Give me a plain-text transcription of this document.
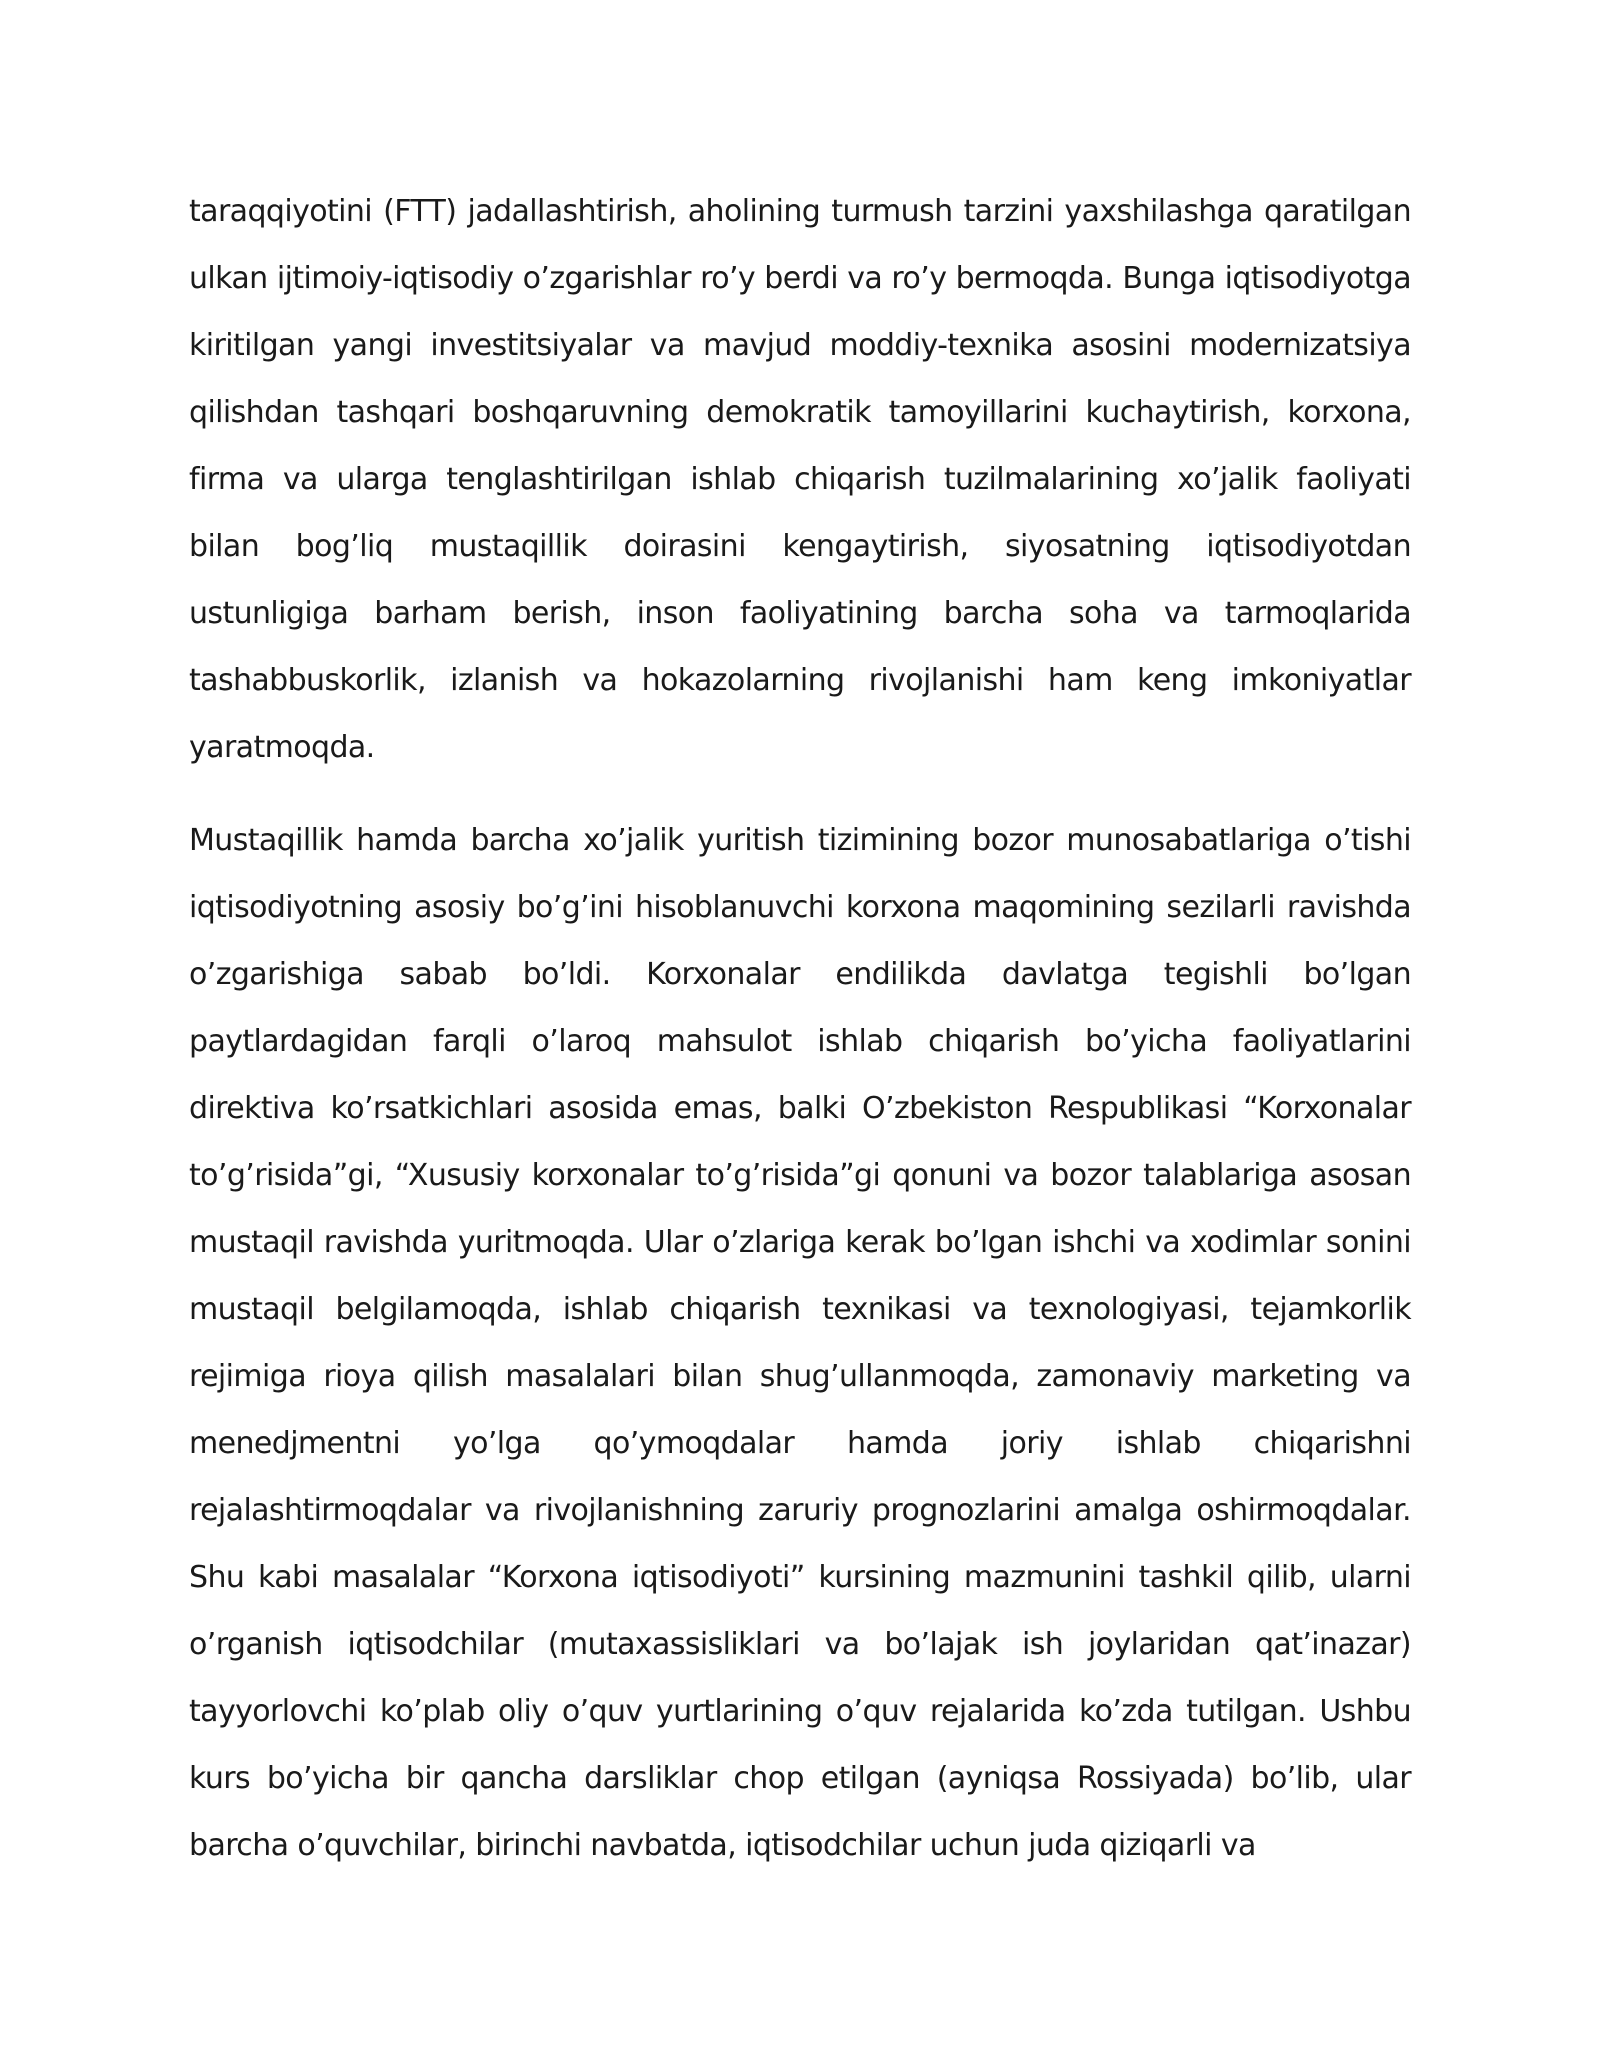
taraqqiyotini (FTT) jadallashtirish, aholining turmush tarzini yaxshilashga qaratilgan ulkan ijtimoiy-iqtisodiy o’zgarishlar ro’y berdi va ro’y bermoqda. Bunga iqtisodiyotga kiritilgan yangi investitsiyalar va mavjud moddiy-texnika asosini modernizatsiya qilishdan tashqari boshqaruvning demokratik tamoyillarini kuchaytirish, korxona, firma va ularga tenglashtirilgan ishlab chiqarish tuzilmalarining xo’jalik faoliyati bilan bog’liq mustaqillik doirasini kengaytirish, siyosatning iqtisodiyotdan ustunligiga barham berish, inson faoliyatining barcha soha va tarmoqlarida tashabbuskorlik, izlanish va hokazolarning rivojlanishi ham keng imkoniyatlar yaratmoqda.

Mustaqillik hamda barcha xo’jalik yuritish tizimining bozor munosabatlariga o’tishi iqtisodiyotning asosiy bo’g’ini hisoblanuvchi korxona maqomining sezilarli ravishda o’zgarishiga sabab bo’ldi. Korxonalar endilikda davlatga tegishli bo’lgan paytlardagidan farqli o’laroq mahsulot ishlab chiqarish bo’yicha faoliyatlarini direktiva ko’rsatkichlari asosida emas, balki O’zbekiston Respublikasi “Korxonalar to’g’risida”gi, “Xususiy korxonalar to’g’risida”gi qonuni va bozor talablariga asosan mustaqil ravishda yuritmoqda. Ular o’zlariga kerak bo’lgan ishchi va xodimlar sonini mustaqil belgilamoqda, ishlab chiqarish texnikasi va texnologiyasi, tejamkorlik rejimiga rioya qilish masalalari bilan shug’ullanmoqda, zamonaviy marketing va menedjmentni yo’lga qo’ymoqdalar hamda joriy ishlab chiqarishni rejalashtirmoqdalar va rivojlanishning zaruriy prognozlarini amalga oshirmoqdalar. Shu kabi masalalar “Korxona iqtisodiyoti” kursining mazmunini tashkil qilib, ularni o’rganish iqtisodchilar (mutaxassisliklari va bo’lajak ish joylaridan qat’inazar) tayyorlovchi ko’plab oliy o’quv yurtlarining o’quv rejalarida ko’zda tutilgan. Ushbu kurs bo’yicha bir qancha darsliklar chop etilgan (ayniqsa Rossiyada) bo’lib, ular barcha o’quvchilar, birinchi navbatda, iqtisodchilar uchun juda qiziqarli va
